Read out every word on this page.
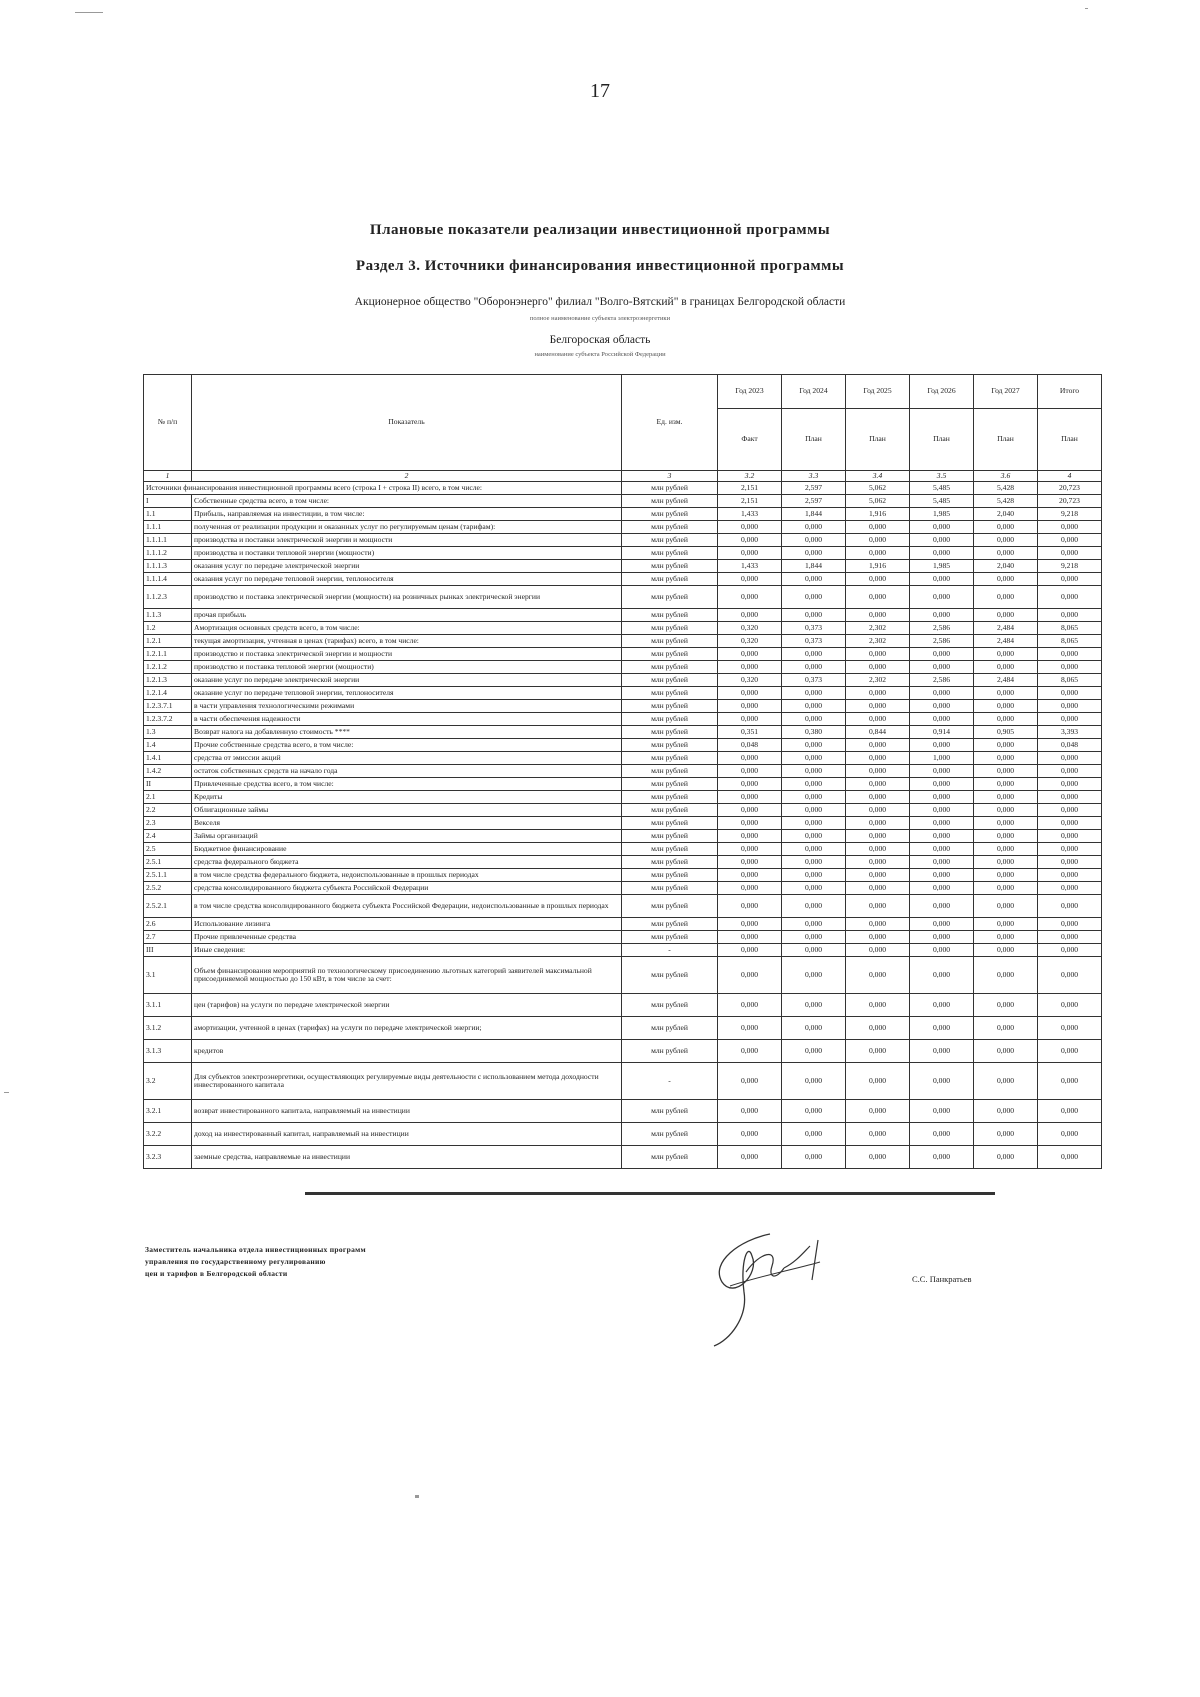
17
Плановые показатели реализации инвестиционной программы
Раздел 3. Источники финансирования инвестиционной программы
Акционерное общество "Оборонэнерго" филиал "Волго-Вятский" в границах Белгородской области
полное наименование субъекта электроэнергетики
Белгороская область
наименование субъекта Российской Федерации
№ п/п	Показатель	Ед. изм.	Год 2023	Год 2024	Год 2025	Год 2026	Год 2027	Итого
			Факт	План	План	План	План	План
1	2	3	3.2	3.3	3.4	3.5	3.6	4
Источники финансирования инвестиционной программы всего (строка I + строка II) всего, в том числе:		млн рублей	2,151	2,597	5,062	5,485	5,428	20,723
I	Собственные средства всего, в том числе:	млн рублей	2,151	2,597	5,062	5,485	5,428	20,723
1.1	Прибыль, направляемая на инвестиции, в том числе:	млн рублей	1,433	1,844	1,916	1,985	2,040	9,218
1.1.1	полученная от реализации продукции и оказанных услуг по регулируемым ценам (тарифам):	млн рублей	0,000	0,000	0,000	0,000	0,000	0,000
1.1.1.1	производства и поставки электрической энергии и мощности	млн рублей	0,000	0,000	0,000	0,000	0,000	0,000
1.1.1.2	производства и поставки тепловой энергии (мощности)	млн рублей	0,000	0,000	0,000	0,000	0,000	0,000
1.1.1.3	оказания услуг по передаче электрической энергии	млн рублей	1,433	1,844	1,916	1,985	2,040	9,218
1.1.1.4	оказания услуг по передаче тепловой энергии, теплоносителя	млн рублей	0,000	0,000	0,000	0,000	0,000	0,000
1.1.2.3	производство и поставка электрической энергии (мощности) на розничных рынках электрической энергии	млн рублей	0,000	0,000	0,000	0,000	0,000	0,000
1.1.3	прочая прибыль	млн рублей	0,000	0,000	0,000	0,000	0,000	0,000
1.2	Амортизация основных средств всего, в том числе:	млн рублей	0,320	0,373	2,302	2,586	2,484	8,065
1.2.1	текущая амортизация, учтенная в ценах (тарифах) всего, в том числе:	млн рублей	0,320	0,373	2,302	2,586	2,484	8,065
1.2.1.1	производство и поставка электрической энергии и мощности	млн рублей	0,000	0,000	0,000	0,000	0,000	0,000
1.2.1.2	производство и поставка тепловой энергии (мощности)	млн рублей	0,000	0,000	0,000	0,000	0,000	0,000
1.2.1.3	оказание услуг по передаче электрической энергии	млн рублей	0,320	0,373	2,302	2,586	2,484	8,065
1.2.1.4	оказание услуг по передаче тепловой энергии, теплоносителя	млн рублей	0,000	0,000	0,000	0,000	0,000	0,000
1.2.3.7.1	в части управления технологическими режимами	млн рублей	0,000	0,000	0,000	0,000	0,000	0,000
1.2.3.7.2	в части обеспечения надежности	млн рублей	0,000	0,000	0,000	0,000	0,000	0,000
1.3	Возврат налога на добавленную стоимость ****	млн рублей	0,351	0,380	0,844	0,914	0,905	3,393
1.4	Прочие собственные средства всего, в том числе:	млн рублей	0,048	0,000	0,000	0,000	0,000	0,048
1.4.1	средства от эмиссии акций	млн рублей	0,000	0,000	0,000	1,000	0,000	0,000
1.4.2	остаток собственных средств на начало года	млн рублей	0,000	0,000	0,000	0,000	0,000	0,000
II	Привлеченные средства всего, в том числе:	млн рублей	0,000	0,000	0,000	0,000	0,000	0,000
2.1	Кредиты	млн рублей	0,000	0,000	0,000	0,000	0,000	0,000
2.2	Облигационные займы	млн рублей	0,000	0,000	0,000	0,000	0,000	0,000
2.3	Векселя	млн рублей	0,000	0,000	0,000	0,000	0,000	0,000
2.4	Займы организаций	млн рублей	0,000	0,000	0,000	0,000	0,000	0,000
2.5	Бюджетное финансирование	млн рублей	0,000	0,000	0,000	0,000	0,000	0,000
2.5.1	средства федерального бюджета	млн рублей	0,000	0,000	0,000	0,000	0,000	0,000
2.5.1.1	в том числе средства федерального бюджета, недоиспользованные в прошлых периодах	млн рублей	0,000	0,000	0,000	0,000	0,000	0,000
2.5.2	средства консолидированного бюджета субъекта Российской Федерации	млн рублей	0,000	0,000	0,000	0,000	0,000	0,000
2.5.2.1	в том числе средства консолидированного бюджета субъекта Российской Федерации, недоиспользованные в прошлых периодах	млн рублей	0,000	0,000	0,000	0,000	0,000	0,000
2.6	Использование лизинга	млн рублей	0,000	0,000	0,000	0,000	0,000	0,000
2.7	Прочие привлеченные средства	млн рублей	0,000	0,000	0,000	0,000	0,000	0,000
III	Иные сведения:	-	0,000	0,000	0,000	0,000	0,000	0,000
3.1	Объем финансирования мероприятий по технологическому присоединению льготных категорий заявителей максимальной присоединяемой мощностью до 150 кВт, в том числе за счет:	млн рублей	0,000	0,000	0,000	0,000	0,000	0,000
3.1.1	цен (тарифов) на услуги по передаче электрической энергии	млн рублей	0,000	0,000	0,000	0,000	0,000	0,000
3.1.2	амортизации, учтенной в ценах (тарифах) на услуги по передаче электрической энергии;	млн рублей	0,000	0,000	0,000	0,000	0,000	0,000
3.1.3	кредитов	млн рублей	0,000	0,000	0,000	0,000	0,000	0,000
3.2	Для субъектов электроэнергетики, осуществляющих регулируемые виды деятельности с использованием метода доходности инвестированного капитала	-	0,000	0,000	0,000	0,000	0,000	0,000
3.2.1	возврат инвестированного капитала, направляемый на инвестиции	млн рублей	0,000	0,000	0,000	0,000	0,000	0,000
3.2.2	доход на инвестированный капитал, направляемый на инвестиции	млн рублей	0,000	0,000	0,000	0,000	0,000	0,000
3.2.3	заемные средства, направляемые на инвестиции	млн рублей	0,000	0,000	0,000	0,000	0,000	0,000
Заместитель начальника отдела инвестиционных программ
управления по государственному регулированию
цен и тарифов в Белгородской области
С.С. Панкратьев
